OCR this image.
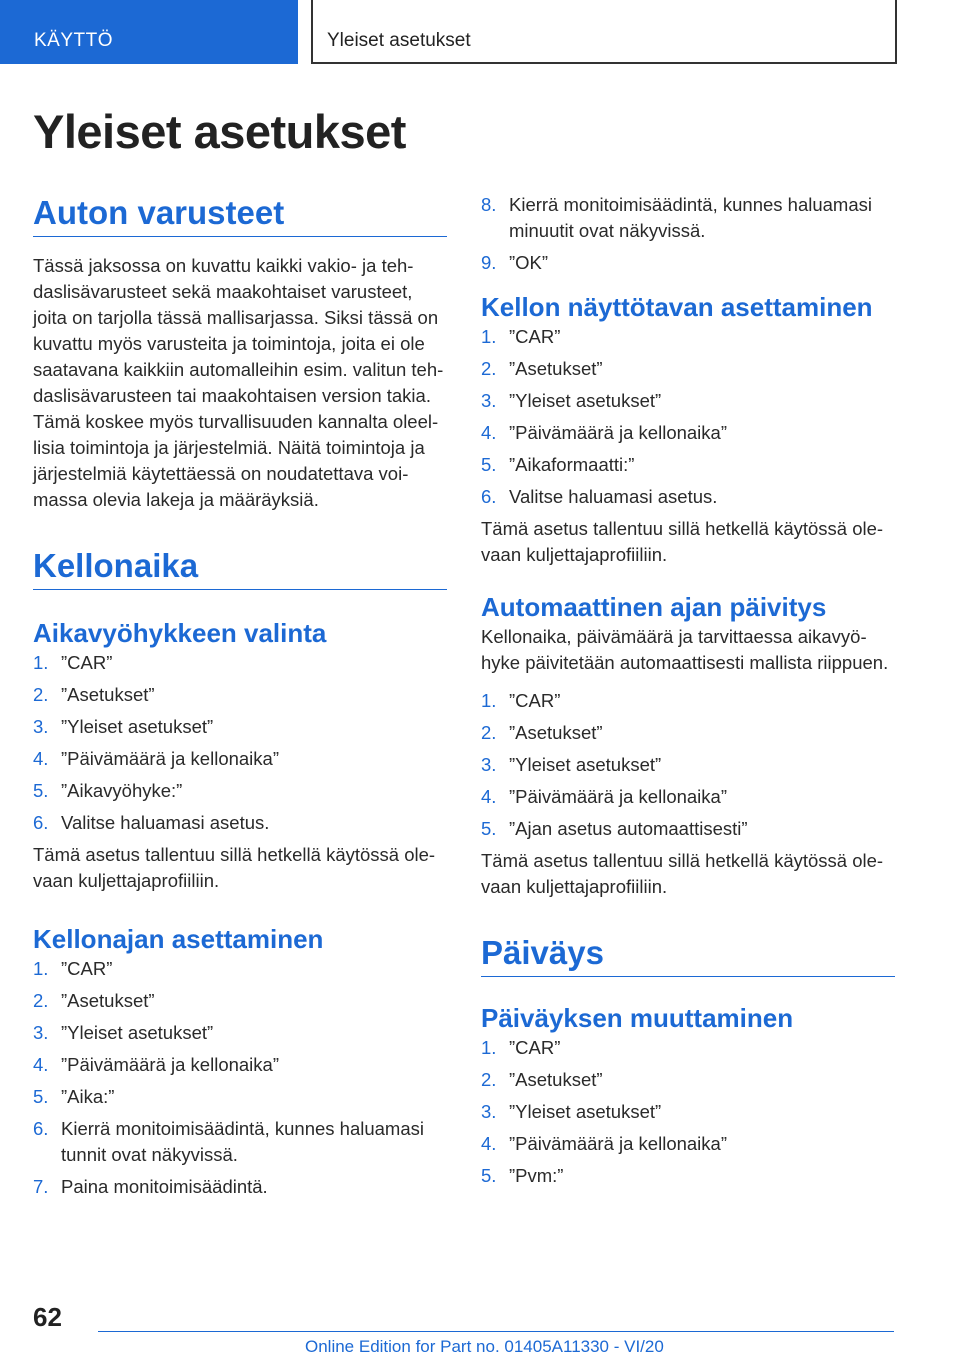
KÄYTTÖ	Yleiset asetukset
Yleiset asetukset
Auton varusteet

Tässä jaksossa on kuvattu kaikki vakio- ja tehdaslisävarusteet sekä maakohtaiset varusteet, joita on tarjolla tässä mallisarjassa. Siksi tässä on kuvattu myös varusteita ja toimintoja, joita ei ole saatavana kaikkiin automalleihin esim. valitun tehdaslisävarusteen tai maakohtaisen version takia. Tämä koskee myös turvallisuuden kannalta oleellisia toimintoja ja järjestelmiä. Näitä toimintoja ja järjestelmiä käytettäessä on noudatettava voimassa olevia lakeja ja määräyksiä.

Kellonaika
Aikavyöhykkeen valinta
1. ”CAR”
2. ”Asetukset”
3. ”Yleiset asetukset”
4. ”Päivämäärä ja kellonaika”
5. ”Aikavyöhyke:”
6. Valitse haluamasi asetus.

Tämä asetus tallentuu sillä hetkellä käytössä olevaan kuljettajaprofiiliin.

Kellonajan asettaminen
1. ”CAR”
2. ”Asetukset”
3. ”Yleiset asetukset”
4. ”Päivämäärä ja kellonaika”
5. ”Aika:”
6. Kierrä monitoimisäädintä, kunnes haluamasi tunnit ovat näkyvissä.
7. Paina monitoimisäädintä.
8. Kierrä monitoimisäädintä, kunnes haluamasi minuutit ovat näkyvissä.
9. ”OK”
Kellon näyttötavan asettaminen
1. ”CAR”
2. ”Asetukset”
3. ”Yleiset asetukset”
4. ”Päivämäärä ja kellonaika”
5. ”Aikaformaatti:”
6. Valitse haluamasi asetus.

Tämä asetus tallentuu sillä hetkellä käytössä olevaan kuljettajaprofiiliin.

Automaattinen ajan päivitys

Kellonaika, päivämäärä ja tarvittaessa aikavyöhyke päivitetään automaattisesti mallista riippuen.

1. ”CAR”
2. ”Asetukset”
3. ”Yleiset asetukset”
4. ”Päivämäärä ja kellonaika”
5. ”Ajan asetus automaattisesti”

Tämä asetus tallentuu sillä hetkellä käytössä olevaan kuljettajaprofiiliin.

Päiväys
Päiväyksen muuttaminen
1. ”CAR”
2. ”Asetukset”
3. ”Yleiset asetukset”
4. ”Päivämäärä ja kellonaika”
5. ”Pvm:”
62
Online Edition for Part no. 01405A11330 - VI/20
